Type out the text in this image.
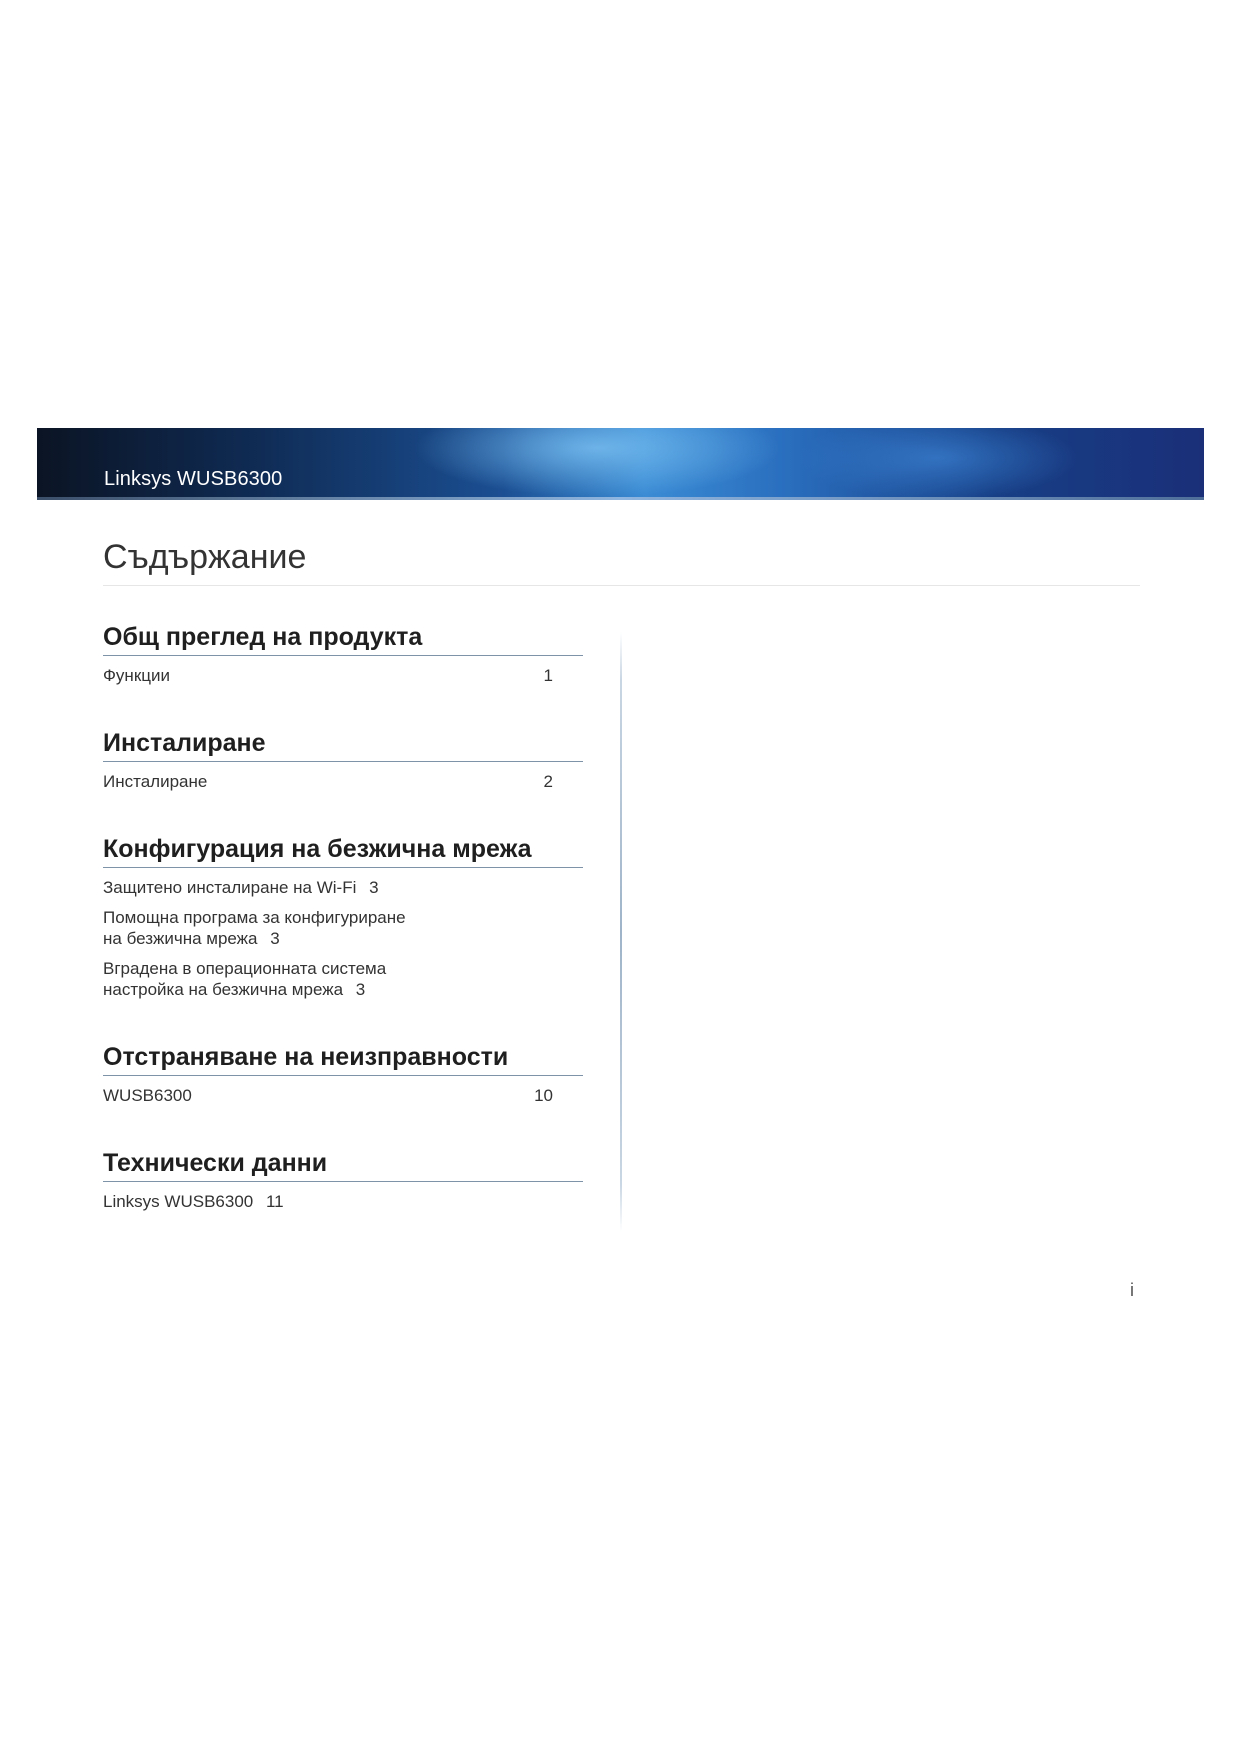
Linksys WUSB6300
Съдържание
Общ преглед на продукта
Функции	1
Инсталиране
Инсталиране	2
Конфигурация на безжична мрежа
Защитено инсталиране на Wi-Fi 3
Помощна програма за конфигуриране
на безжична мрежа 3
Вградена в операционната система
настройка на безжична мрежа 3
Отстраняване на неизправности
WUSB6300	10
Технически данни
Linksys WUSB6300 11
i
